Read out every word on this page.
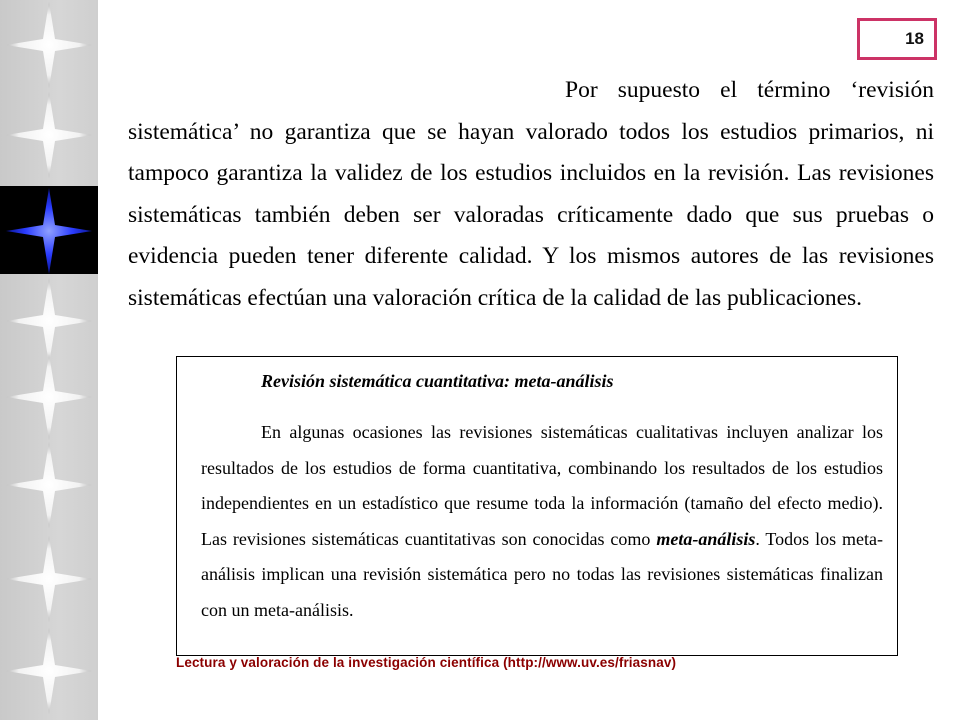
18

Por supuesto el término ‘revisión sistemática’ no garantiza que se hayan valorado todos los estudios primarios, ni tampoco garantiza la validez de los estudios incluidos en la revisión. Las revisiones sistemáticas también deben ser valoradas críticamente dado que sus pruebas o evidencia pueden tener diferente calidad. Y los mismos autores de las revisiones sistemáticas efectúan una valoración crítica de la calidad de las publicaciones.

Revisión sistemática cuantitativa: meta-análisis

En algunas ocasiones las revisiones sistemáticas cualitativas incluyen analizar los resultados de los estudios de forma cuantitativa, combinando los resultados de los estudios independientes en un estadístico que resume toda la información (tamaño del efecto medio). Las revisiones sistemáticas cuantitativas son conocidas como meta-análisis. Todos los meta-análisis implican una revisión sistemática pero no todas las revisiones sistemáticas finalizan con un meta-análisis.

Lectura y valoración de la investigación científica (http://www.uv.es/friasnav)
